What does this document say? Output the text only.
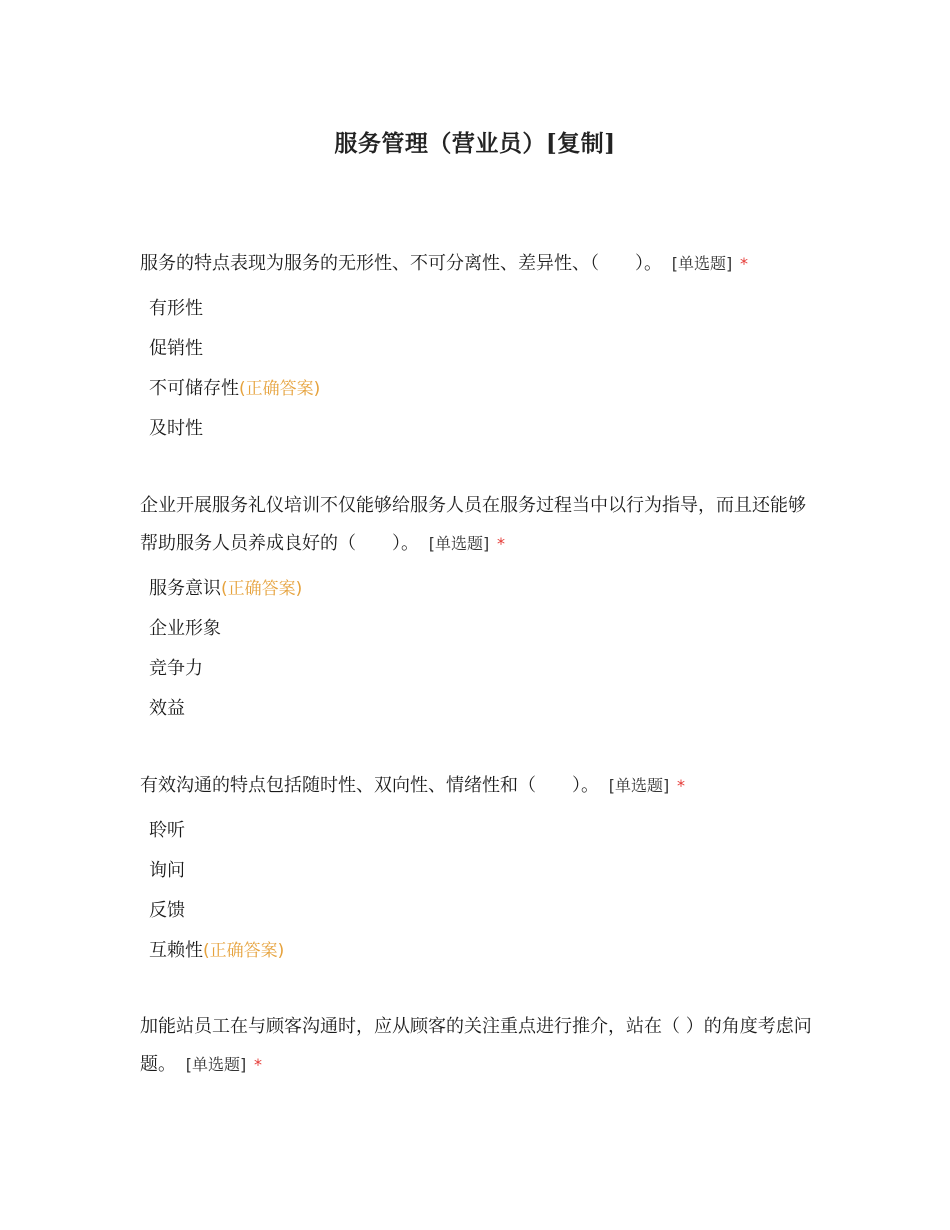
服务管理（营业员）[复制]

服务的特点表现为服务的无形性、不可分离性、差异性、（　　）。 [单选题] *

有形性
促销性
不可储存性(正确答案)
及时性

企业开展服务礼仪培训不仅能够给服务人员在服务过程当中以行为指导，而且还能够帮助服务人员养成良好的（　　）。 [单选题] *

服务意识(正确答案)
企业形象
竞争力
效益

有效沟通的特点包括随时性、双向性、情绪性和（　　）。 [单选题] *

聆听
询问
反馈
互赖性(正确答案)

加能站员工在与顾客沟通时，应从顾客的关注重点进行推介，站在（ ）的角度考虑问题。 [单选题] *
